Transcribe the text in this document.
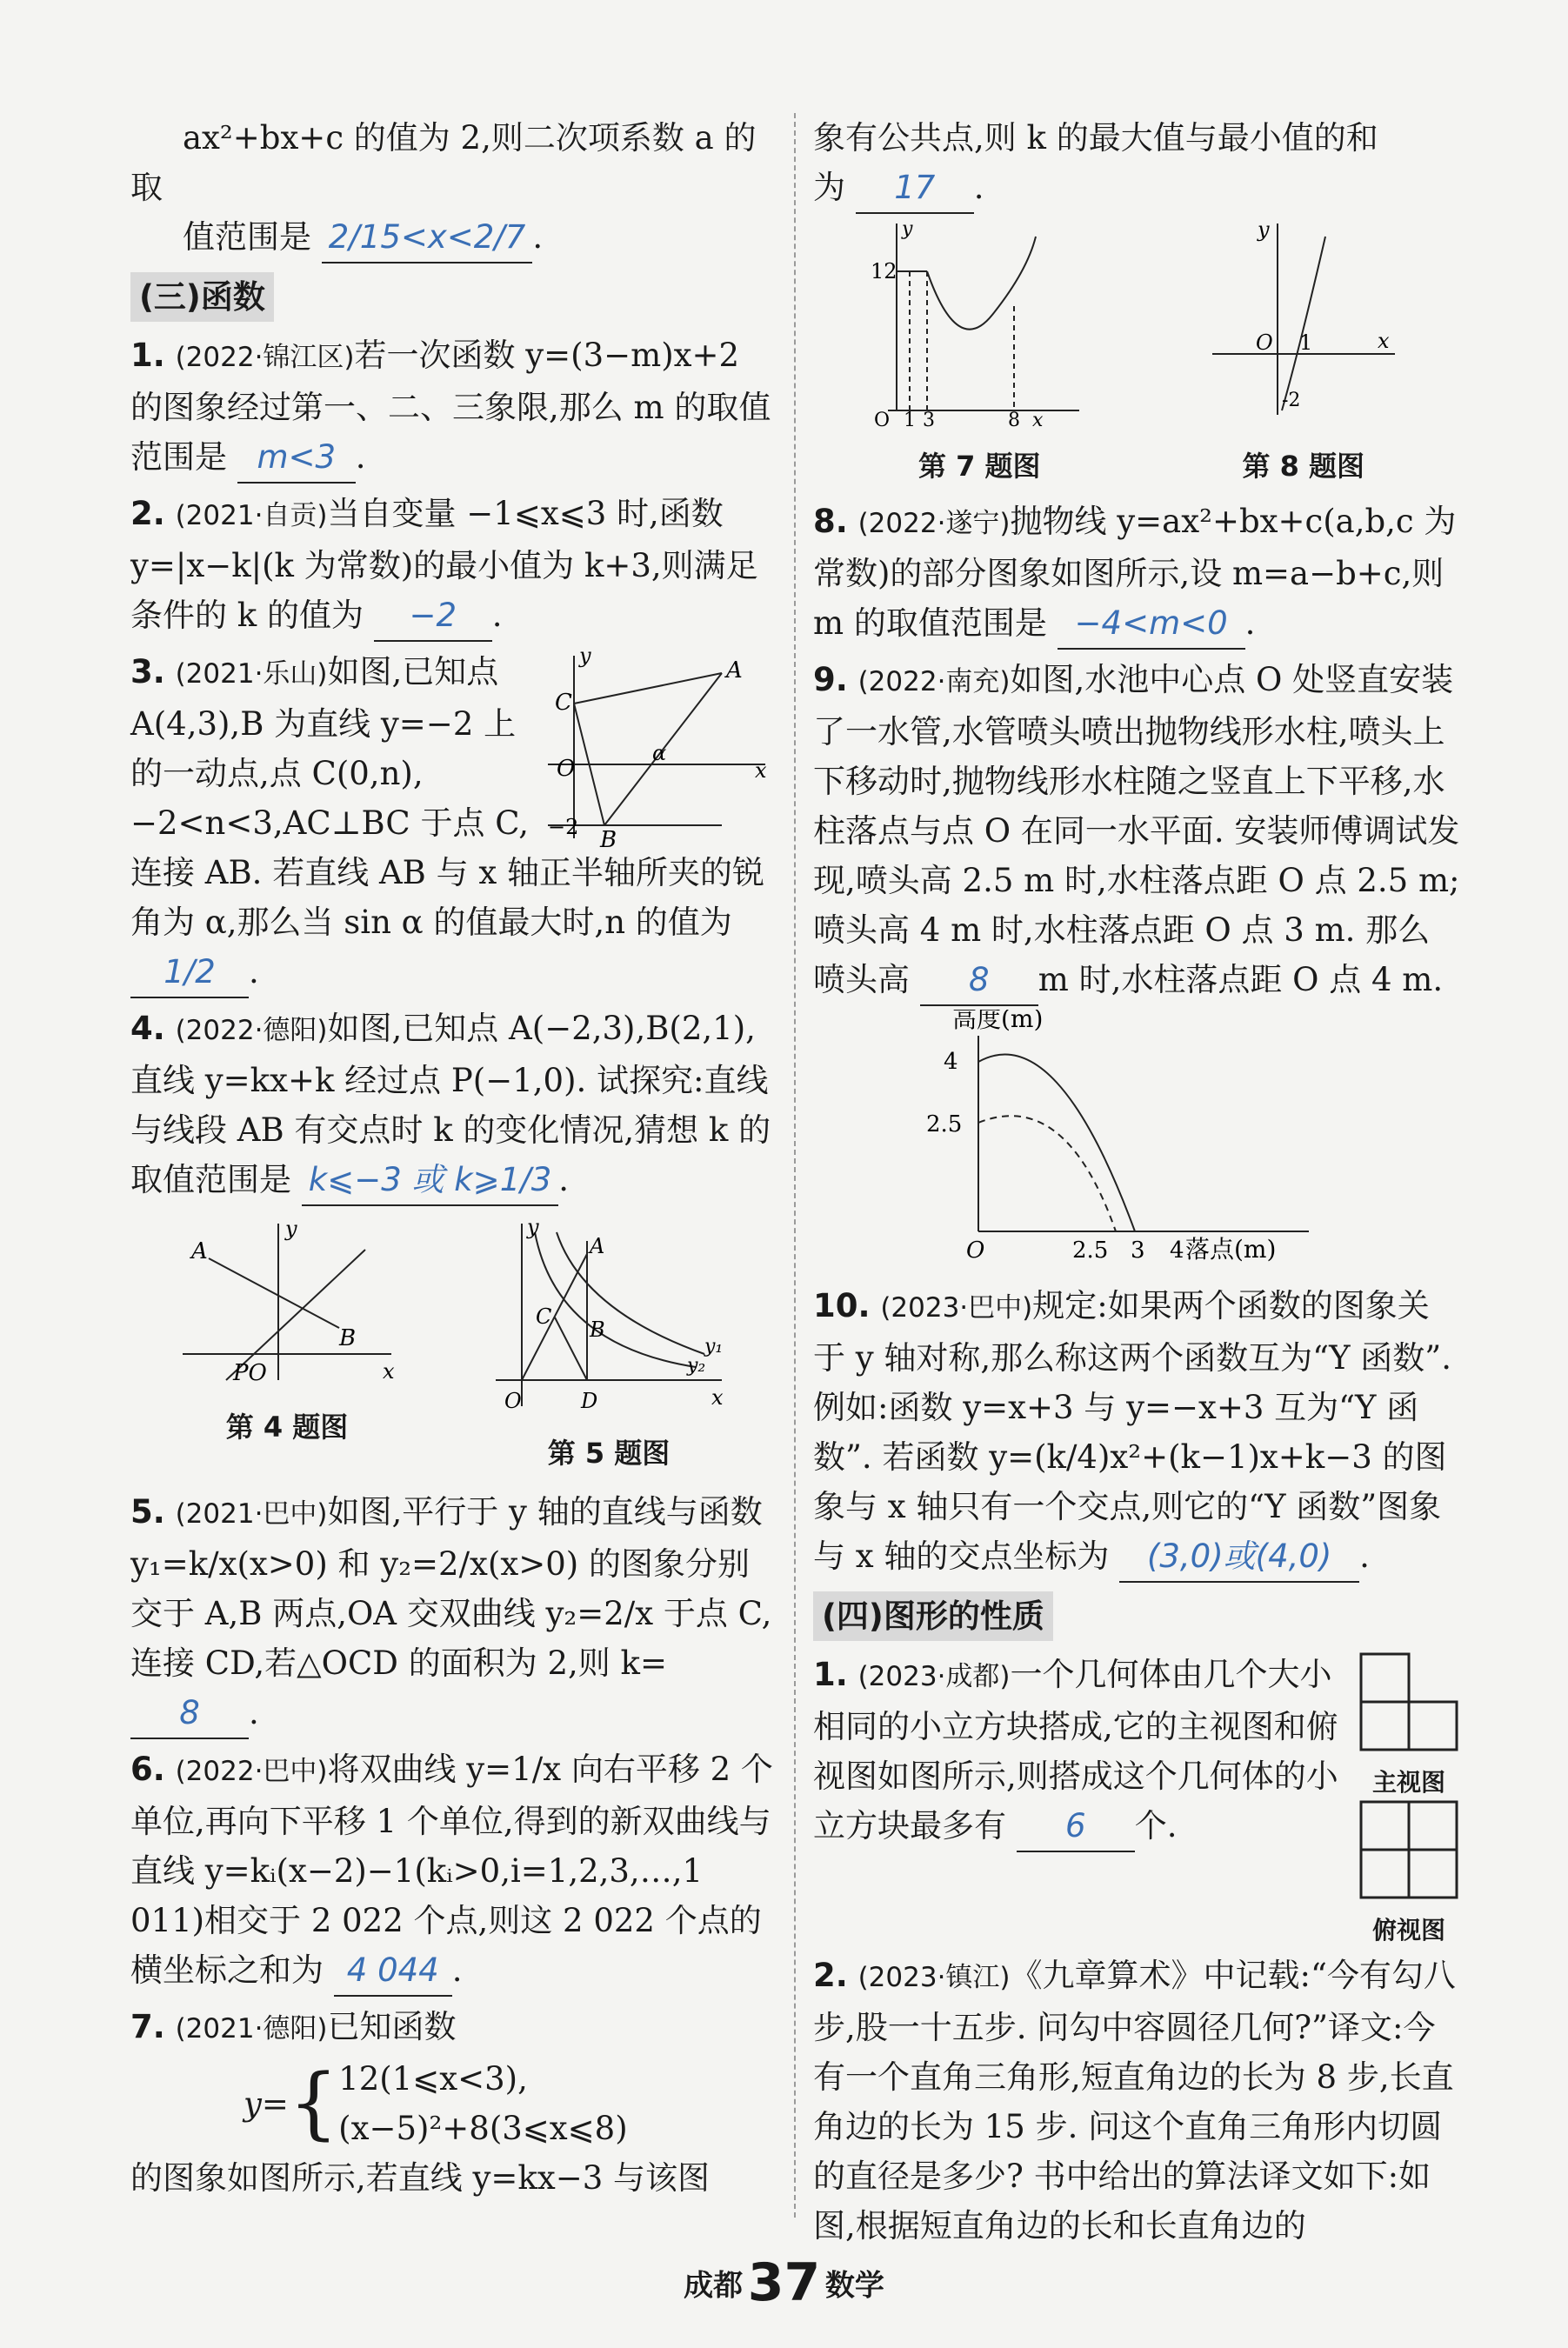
ax²+bx+c 的值为 2,则二次项系数 a 的取

值范围是 2/15<x<2/7 .

(三)函数

1. (2022·锦江区)若一次函数 y=(3−m)x+2 的图象经过第一、二、三象限,那么 m 的取值范围是 m<3 .

2. (2021·自贡)当自变量 −1⩽x⩽3 时,函数 y=|x−k|(k 为常数)的最小值为 k+3,则满足条件的 k 的值为 −2 .

A
C
O
B
α
x
y
−2
3. (2021·乐山)如图,已知点 A(4,3),B 为直线 y=−2 上的一动点,点 C(0,n),−2<n<3,AC⊥BC 于点 C,连接 AB. 若直线 AB 与 x 轴正半轴所夹的锐角为 α,那么当 sin α 的值最大时,n 的值为 1/2 .

4. (2022·德阳)如图,已知点 A(−2,3),B(2,1),直线 y=kx+k 经过点 P(−1,0). 试探究:直线与线段 AB 有交点时 k 的变化情况,猜想 k 的取值范围是 k⩽−3 或 k⩾1/3 .

A
B
PO	x
y
第 4 题图
A
B
C
D
O
y₁
y₂
x
y
第 5 题图

5. (2021·巴中)如图,平行于 y 轴的直线与函数 y₁=k/x(x>0) 和 y₂=2/x(x>0) 的图象分别交于 A,B 两点,OA 交双曲线 y₂=2/x 于点 C,连接 CD,若△OCD 的面积为 2,则 k= 8 .

6. (2022·巴中)将双曲线 y=1/x 向右平移 2 个单位,再向下平移 1 个单位,得到的新双曲线与直线 y=kᵢ(x−2)−1(kᵢ>0,i=1,2,3,…,1 011)相交于 2 022 个点,则这 2 022 个点的横坐标之和为 4 044 .

7. (2021·德阳)已知函数
y= { 12(1⩽x<3),
(x−5)²+8(3⩽x⩽8)

的图象如图所示,若直线 y=kx−3 与该图

象有公共点,则 k 的最大值与最小值的和

为 17 .

12
O 1 3	8 x
y
第 7 题图
O 1
-2
x
y
第 8 题图

8. (2022·遂宁)抛物线 y=ax²+bx+c(a,b,c 为常数)的部分图象如图所示,设 m=a−b+c,则 m 的取值范围是 −4<m<0 .

9. (2022·南充)如图,水池中心点 O 处竖直安装了一水管,水管喷头喷出抛物线形水柱,喷头上下移动时,抛物线形水柱随之竖直上下平移,水柱落点与点 O 在同一水平面. 安装师傅调试发现,喷头高 2.5 m 时,水柱落点距 O 点 2.5 m;喷头高 4 m 时,水柱落点距 O 点 3 m. 那么喷头高 8 m 时,水柱落点距 O 点 4 m.

高度(m)
4
2.5
O	2.5 3 4 落点(m)

10. (2023·巴中)规定:如果两个函数的图象关于 y 轴对称,那么称这两个函数互为“Y 函数”. 例如:函数 y=x+3 与 y=−x+3 互为“Y 函数”. 若函数 y=(k/4)x²+(k−1)x+k−3 的图象与 x 轴只有一个交点,则它的“Y 函数”图象与 x 轴的交点坐标为 (3,0)或(4,0) .

(四)图形的性质
主视图
俯视图
1. (2023·成都)一个几何体由几个大小相同的小立方块搭成,它的主视图和俯视图如图所示,则搭成这个几何体的小立方块最多有 6 个.

2. (2023·镇江)《九章算术》中记载:“今有勾八步,股一十五步. 问勾中容圆径几何?”译文:今有一个直角三角形,短直角边的长为 8 步,长直角边的长为 15 步. 问这个直角三角形内切圆的直径是多少? 书中给出的算法译文如下:如图,根据短直角边的长和长直角边的

成都 37 数学
